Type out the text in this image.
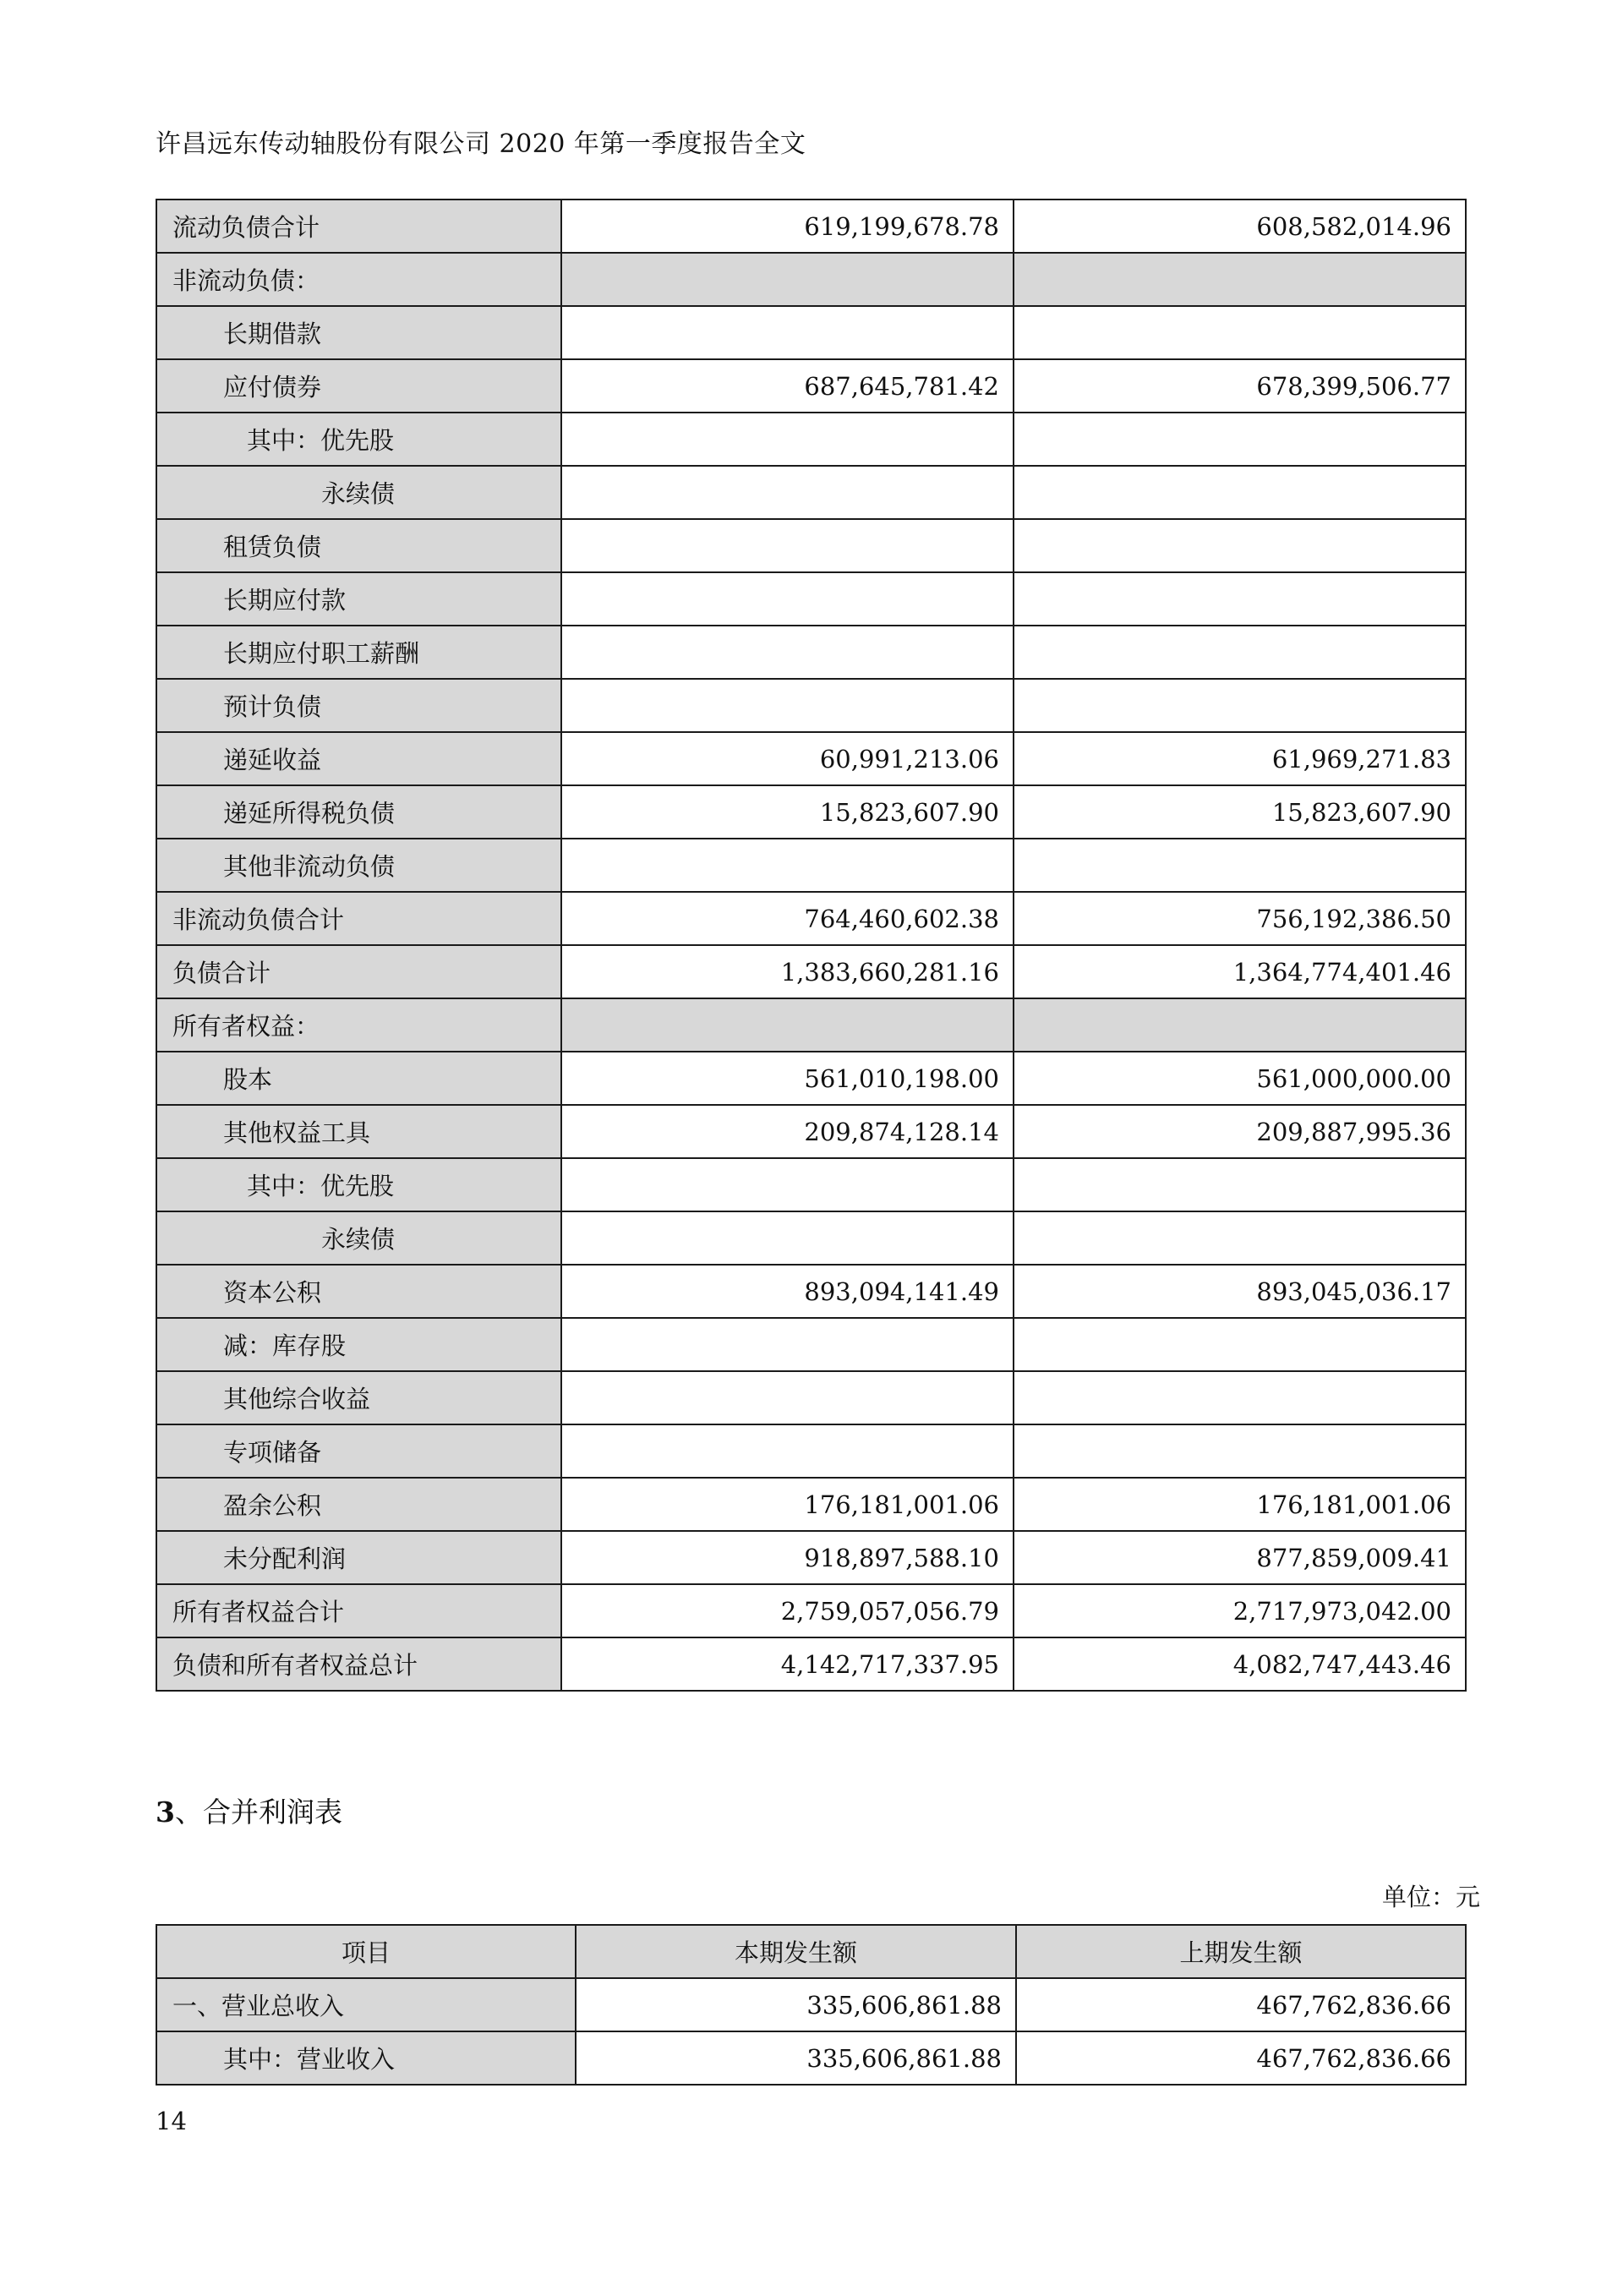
许昌远东传动轴股份有限公司 2020 年第一季度报告全文
流动负债合计	619,199,678.78	608,582,014.96
非流动负债：		
长期借款		
应付债券	687,645,781.42	678,399,506.77
其中：优先股		
永续债		
租赁负债		
长期应付款		
长期应付职工薪酬		
预计负债		
递延收益	60,991,213.06	61,969,271.83
递延所得税负债	15,823,607.90	15,823,607.90
其他非流动负债		
非流动负债合计	764,460,602.38	756,192,386.50
负债合计	1,383,660,281.16	1,364,774,401.46
所有者权益：		
股本	561,010,198.00	561,000,000.00
其他权益工具	209,874,128.14	209,887,995.36
其中：优先股		
永续债		
资本公积	893,094,141.49	893,045,036.17
减：库存股		
其他综合收益		
专项储备		
盈余公积	176,181,001.06	176,181,001.06
未分配利润	918,897,588.10	877,859,009.41
所有者权益合计	2,759,057,056.79	2,717,973,042.00
负债和所有者权益总计	4,142,717,337.95	4,082,747,443.46
3、合并利润表
单位：元
项目	本期发生额	上期发生额
一、营业总收入	335,606,861.88	467,762,836.66
其中：营业收入	335,606,861.88	467,762,836.66
14
